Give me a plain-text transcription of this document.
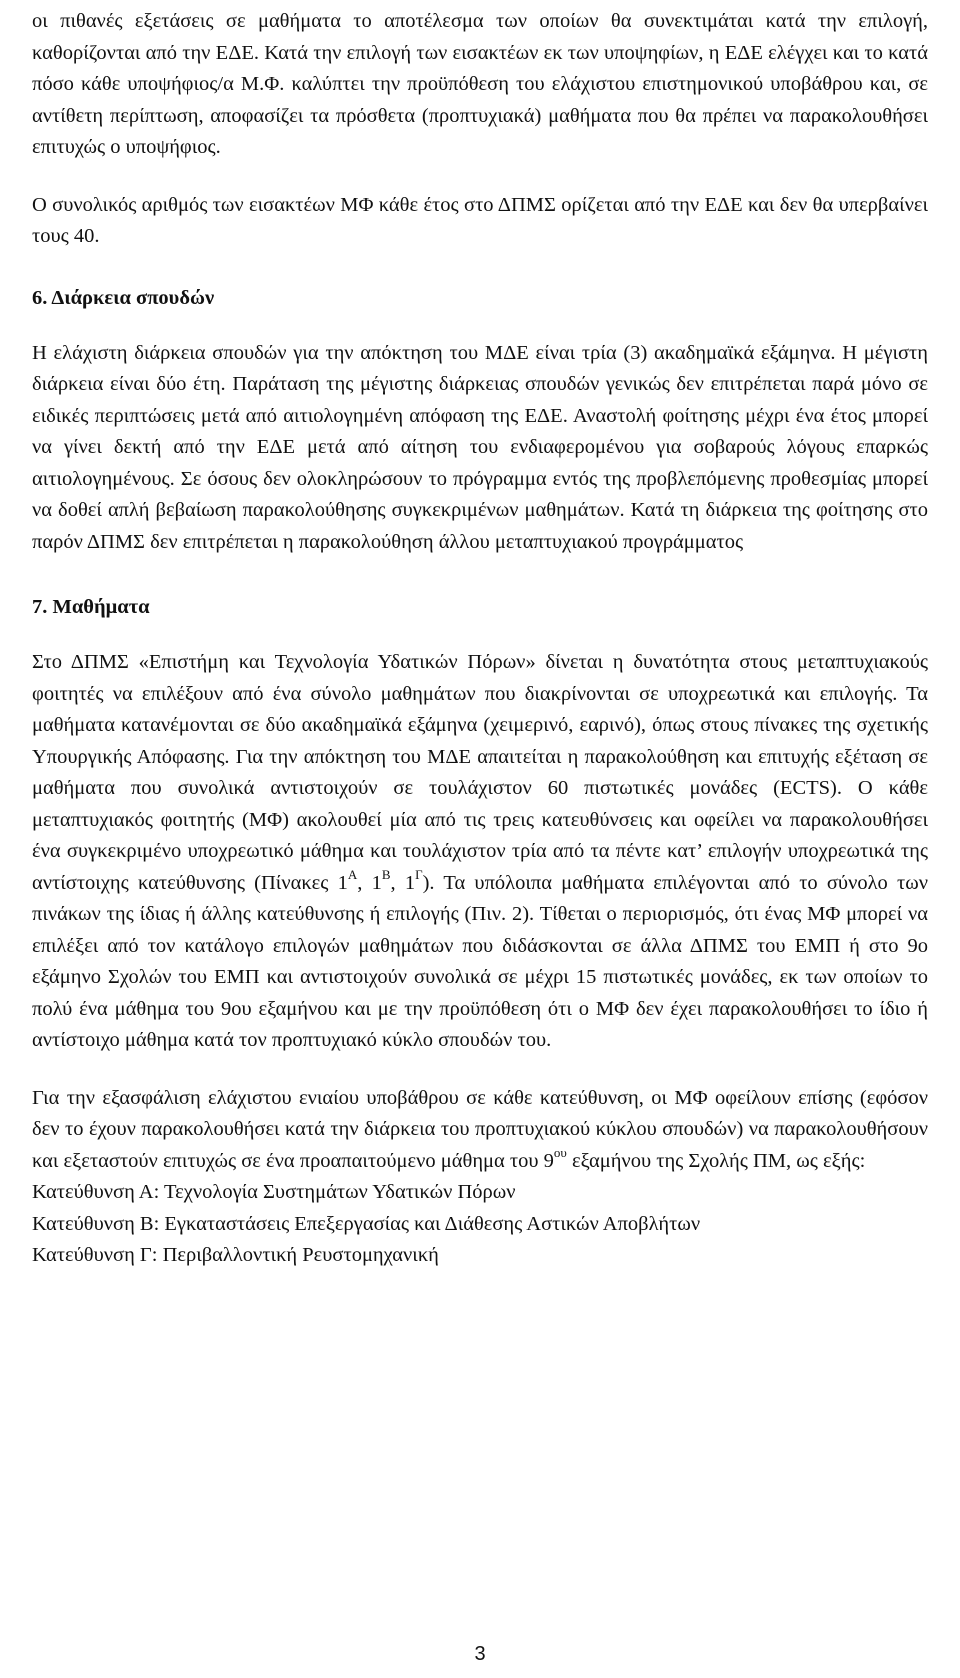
οι πιθανές εξετάσεις σε μαθήματα το αποτέλεσμα των οποίων θα συνεκτιμάται κατά την επιλογή, καθορίζονται από την ΕΔΕ. Κατά την επιλογή των εισακτέων εκ των υποψηφίων, η ΕΔΕ ελέγχει και το κατά πόσο κάθε υποψήφιος/α Μ.Φ. καλύπτει την προϋπόθεση του ελάχιστου επιστημονικού υποβάθρου και, σε αντίθετη περίπτωση, αποφασίζει τα πρόσθετα (προπτυχιακά) μαθήματα που θα πρέπει να παρακολουθήσει επιτυχώς ο υποψήφιος.

Ο συνολικός αριθμός των εισακτέων ΜΦ κάθε έτος στο ΔΠΜΣ ορίζεται από την ΕΔΕ και δεν θα υπερβαίνει τους 40.

6. Διάρκεια σπουδών

Η ελάχιστη διάρκεια σπουδών για την απόκτηση του ΜΔΕ είναι τρία (3) ακαδημαϊκά εξάμηνα. Η μέγιστη διάρκεια είναι δύο έτη. Παράταση της μέγιστης διάρκειας σπουδών γενικώς δεν επιτρέπεται παρά μόνο σε ειδικές περιπτώσεις μετά από αιτιολογημένη απόφαση της ΕΔΕ. Αναστολή φοίτησης μέχρι ένα έτος μπορεί να γίνει δεκτή από την ΕΔΕ μετά από αίτηση του ενδιαφερομένου για σοβαρούς λόγους επαρκώς αιτιολογημένους. Σε όσους δεν ολοκληρώσουν το πρόγραμμα εντός της προβλεπόμενης προθεσμίας μπορεί να δοθεί απλή βεβαίωση παρακολούθησης συγκεκριμένων μαθημάτων. Κατά τη διάρκεια της φοίτησης στο παρόν ΔΠΜΣ δεν επιτρέπεται η παρακολούθηση άλλου μεταπτυχιακού προγράμματος

7. Μαθήματα

Στο ΔΠΜΣ «Επιστήμη και Τεχνολογία Υδατικών Πόρων» δίνεται η δυνατότητα στους μεταπτυχιακούς φοιτητές να επιλέξουν από ένα σύνολο μαθημάτων που διακρίνονται σε υποχρεωτικά και επιλογής. Τα μαθήματα κατανέμονται σε δύο ακαδημαϊκά εξάμηνα (χειμερινό, εαρινό), όπως στους πίνακες της σχετικής Υπουργικής Απόφασης. Για την απόκτηση του ΜΔΕ απαιτείται η παρακολούθηση και επιτυχής εξέταση σε μαθήματα που συνολικά αντιστοιχούν σε τουλάχιστον 60 πιστωτικές μονάδες (ECTS). Ο κάθε μεταπτυχιακός φοιτητής (ΜΦ) ακολουθεί μία από τις τρεις κατευθύνσεις και οφείλει να παρακολουθήσει ένα συγκεκριμένο υποχρεωτικό μάθημα και τουλάχιστον τρία από τα πέντε κατ’ επιλογήν υποχρεωτικά της αντίστοιχης κατεύθυνσης (Πίνακες $1^A$, $1^B$, $1^\Gamma$). Τα υπόλοιπα μαθήματα επιλέγονται από το σύνολο των πινάκων της ίδιας ή άλλης κατεύθυνσης ή επιλογής (Πιν. 2). Τίθεται ο περιορισμός, ότι ένας ΜΦ μπορεί να επιλέξει από τον κατάλογο επιλογών μαθημάτων που διδάσκονται σε άλλα ΔΠΜΣ του ΕΜΠ ή στο 9ο εξάμηνο Σχολών του ΕΜΠ και αντιστοιχούν συνολικά σε μέχρι 15 πιστωτικές μονάδες, εκ των οποίων το πολύ ένα μάθημα του 9ου εξαμήνου και με την προϋπόθεση ότι ο ΜΦ δεν έχει παρακολουθήσει το ίδιο ή αντίστοιχο μάθημα κατά τον προπτυχιακό κύκλο σπουδών του.

Για την εξασφάλιση ελάχιστου ενιαίου υποβάθρου σε κάθε κατεύθυνση, οι ΜΦ οφείλουν επίσης (εφόσον δεν το έχουν παρακολουθήσει κατά την διάρκεια του προπτυχιακού κύκλου σπουδών) να παρακολουθήσουν και εξεταστούν επιτυχώς σε ένα προαπαιτούμενο μάθημα του $9^{o\upsilon}$ εξαμήνου της Σχολής ΠΜ, ως εξής:

Κατεύθυνση Α: Τεχνολογία Συστημάτων Υδατικών Πόρων

Κατεύθυνση Β: Εγκαταστάσεις Επεξεργασίας και Διάθεσης Αστικών Αποβλήτων

Κατεύθυνση Γ: Περιβαλλοντική Ρευστομηχανική

3
